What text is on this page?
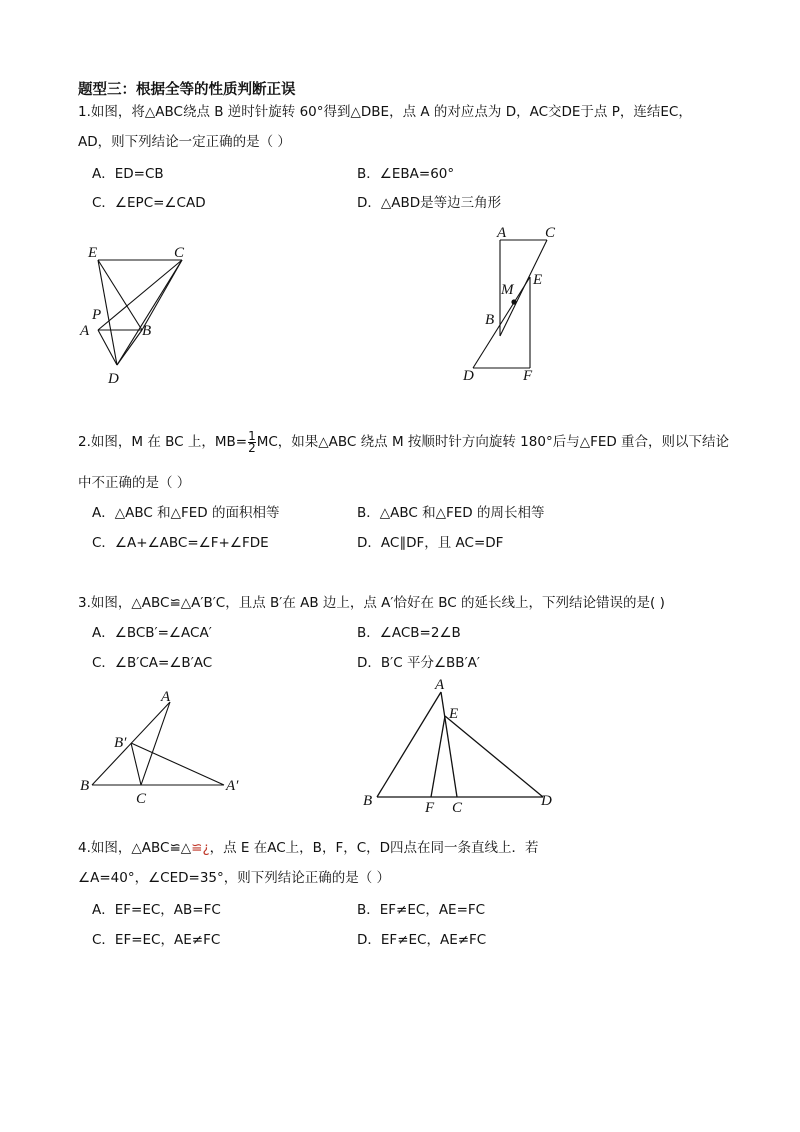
题型三：根据全等的性质判断正误
1.如图，将△ABC绕点 B 逆时针旋转 60°得到△DBE，点 A 的对应点为 D，AC交DE于点 P，连结EC，
AD，则下列结论一定正确的是（ ）
A．ED=CB	B．∠EBA=60°
C．∠EPC=∠CAD	D．△ABD是等边三角形
E	C
P
A	B
D
A	C
E
M
B
D	F
2.如图，M 在 BC 上，$MB= \frac{1}{2}$ MC，如果△ABC 绕点 M 按顺时针方向旋转 180°后与△FED 重合，则以下结论
中不正确的是（ ）
A．△ABC 和△FED 的面积相等	B．△ABC 和△FED 的周长相等
C．∠A+∠ABC=∠F+∠FDE	D．AC∥DF，且 AC=DF
3.如图，△ABC≌△A′B′C，且点 B′在 AB 边上，点 A′恰好在 BC 的延长线上，下列结论错误的是( )
A．∠BCB′=∠ACA′	B．∠ACB=2∠B
C．∠B′CA=∠B′AC	D．B′C 平分∠BB′A′
A
B′
B
C
A′
A
E
B	F C	D
4.如图，△ABC≌△≌¿，点 E 在AC上，B，F，C，D四点在同一条直线上．若
∠A=40°，∠CED=35°，则下列结论正确的是（ ）
A．EF=EC，AB=FC	B．EF≠EC，AE=FC
C．EF=EC，AE≠FC	D．EF≠EC，AE≠FC
